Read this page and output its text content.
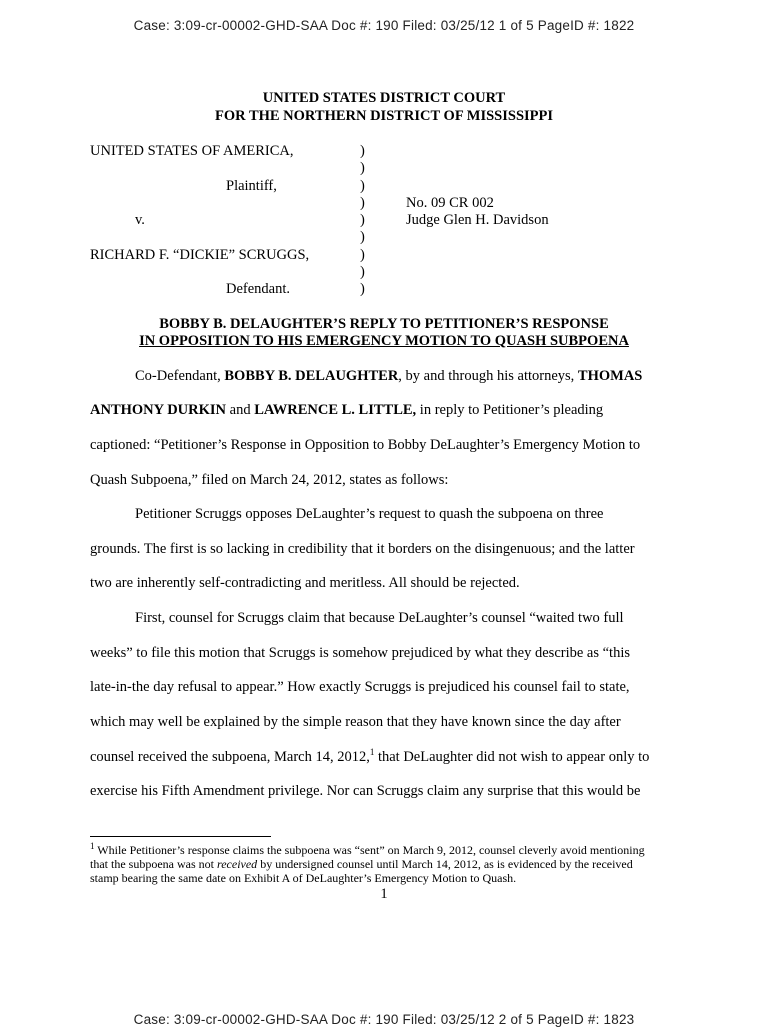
Case: 3:09-cr-00002-GHD-SAA Doc #: 190 Filed: 03/25/12 1 of 5 PageID #: 1822
UNITED STATES DISTRICT COURT
FOR THE NORTHERN DISTRICT OF MISSISSIPPI
UNITED STATES OF AMERICA,
Plaintiff,
v.
RICHARD F. “DICKIE” SCRUGGS,
Defendant.
)
)
)
)
)
)
)
)
)
No. 09 CR 002
Judge Glen H. Davidson
BOBBY B. DELAUGHTER’S REPLY TO PETITIONER’S RESPONSE
IN OPPOSITION TO HIS EMERGENCY MOTION TO QUASH SUBPOENA
Co-Defendant, BOBBY B. DELAUGHTER, by and through his attorneys, THOMAS
ANTHONY DURKIN and LAWRENCE L. LITTLE, in reply to Petitioner’s pleading
captioned: “Petitioner’s Response in Opposition to Bobby DeLaughter’s Emergency Motion to
Quash Subpoena,” filed on March 24, 2012, states as follows:
Petitioner Scruggs opposes DeLaughter’s request to quash the subpoena on three
grounds. The first is so lacking in credibility that it borders on the disingenuous; and the latter
two are inherently self-contradicting and meritless. All should be rejected.
First, counsel for Scruggs claim that because DeLaughter’s counsel “waited two full
weeks” to file this motion that Scruggs is somehow prejudiced by what they describe as “this
late-in-the day refusal to appear.” How exactly Scruggs is prejudiced his counsel fail to state,
which may well be explained by the simple reason that they have known since the day after
counsel received the subpoena, March 14, 2012,$^1$ that DeLaughter did not wish to appear only to
exercise his Fifth Amendment privilege. Nor can Scruggs claim any surprise that this would be
$^1$ While Petitioner’s response claims the subpoena was “sent” on March 9, 2012, counsel cleverly avoid mentioning
that the subpoena was not received by undersigned counsel until March 14, 2012, as is evidenced by the received
stamp bearing the same date on Exhibit A of DeLaughter’s Emergency Motion to Quash.
1
Case: 3:09-cr-00002-GHD-SAA Doc #: 190 Filed: 03/25/12 2 of 5 PageID #: 1823
